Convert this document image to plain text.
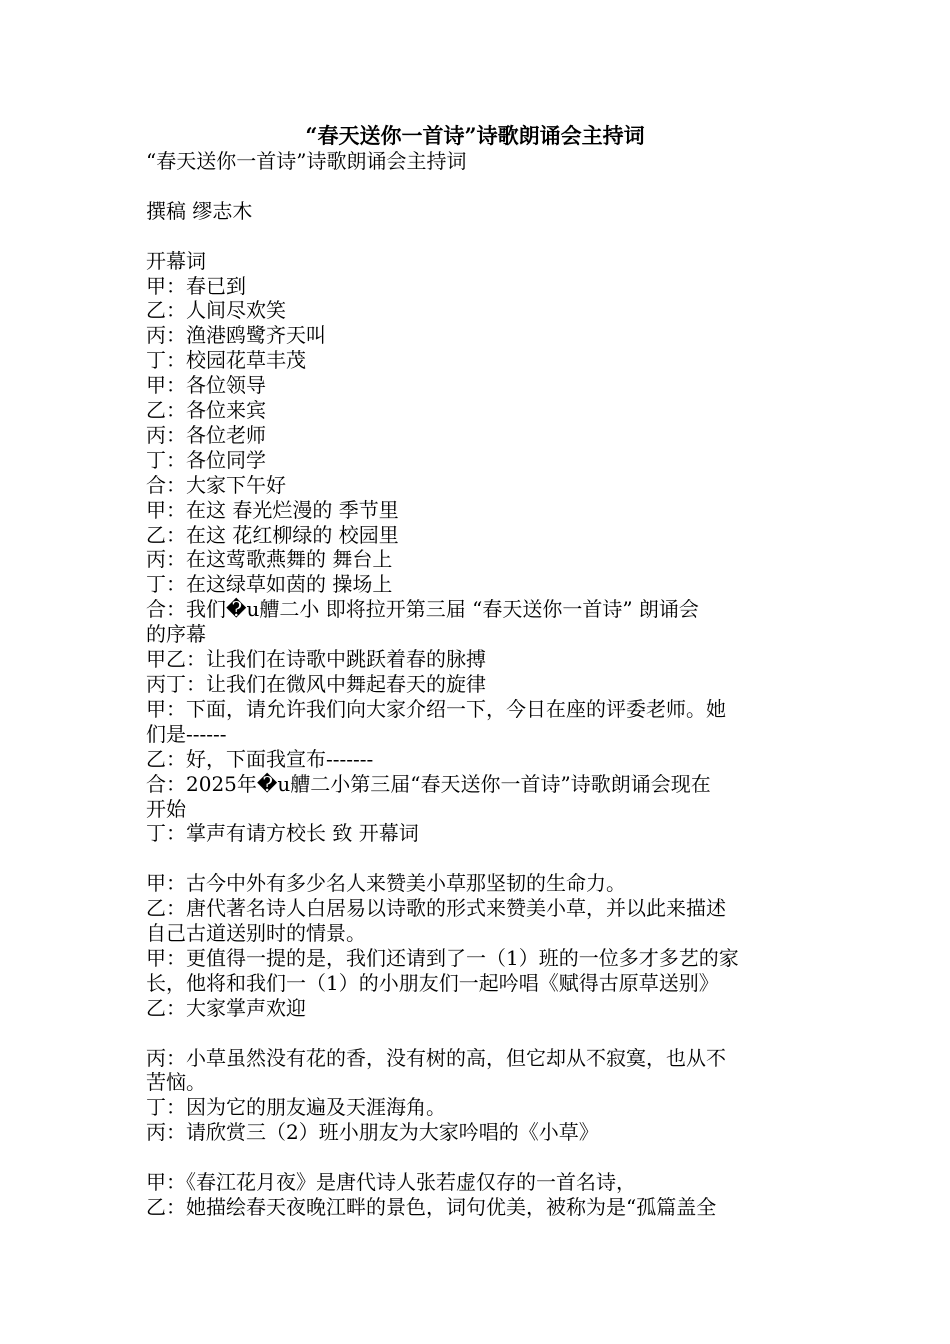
“春天送你一首诗”诗歌朗诵会主持词
“春天送你一首诗”诗歌朗诵会主持词
撰稿 缪志木
开幕词
甲：春已到
乙：人间尽欢笑
丙：渔港鸥鹭齐天叫
丁：校园花草丰茂
甲：各位领导
乙：各位来宾
丙：各位老师
丁：各位同学
合：大家下午好
甲：在这 春光烂漫的 季节里
乙：在这 花红柳绿的 校园里
丙：在这莺歌燕舞的 舞台上
丁：在这绿草如茵的 操场上
合：我们�u艚二小 即将拉开第三届 “春天送你一首诗” 朗诵会
的序幕
甲乙：让我们在诗歌中跳跃着春的脉搏
丙丁：让我们在微风中舞起春天的旋律
甲：下面，请允许我们向大家介绍一下，今日在座的评委老师。她
们是------
乙：好，下面我宣布-------
合：2025年�u艚二小第三届“春天送你一首诗”诗歌朗诵会现在
开始
丁：掌声有请方校长 致 开幕词
甲：古今中外有多少名人来赞美小草那坚韧的生命力。
乙：唐代著名诗人白居易以诗歌的形式来赞美小草，并以此来描述
自己古道送别时的情景。
甲：更值得一提的是，我们还请到了一（1）班的一位多才多艺的家
长，他将和我们一（1）的小朋友们一起吟唱《赋得古原草送别》
乙：大家掌声欢迎
丙：小草虽然没有花的香，没有树的高，但它却从不寂寞，也从不
苦恼。
丁：因为它的朋友遍及天涯海角。
丙：请欣赏三（2）班小朋友为大家吟唱的《小草》
甲：《春江花月夜》是唐代诗人张若虚仅存的一首名诗，
乙：她描绘春天夜晚江畔的景色，词句优美，被称为是“孤篇盖全
